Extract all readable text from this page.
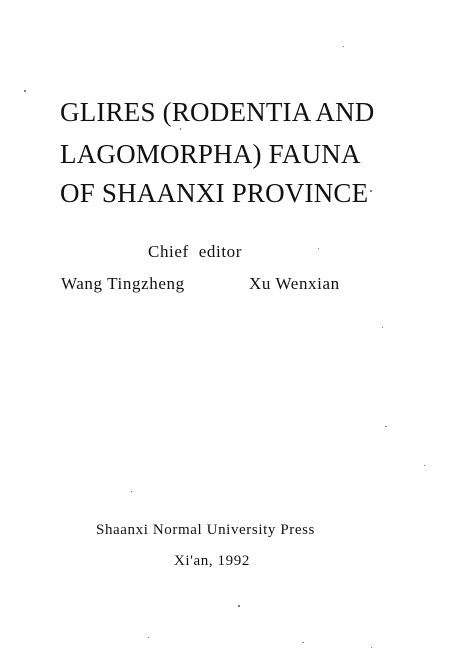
GLIRES (RODENTIA AND
LAGOMORPHA) FAUNA
OF SHAANXI PROVINCE
Chief editor
Wang Tingzheng	Xu Wenxian
Shaanxi Normal University Press
Xi'an, 1992
